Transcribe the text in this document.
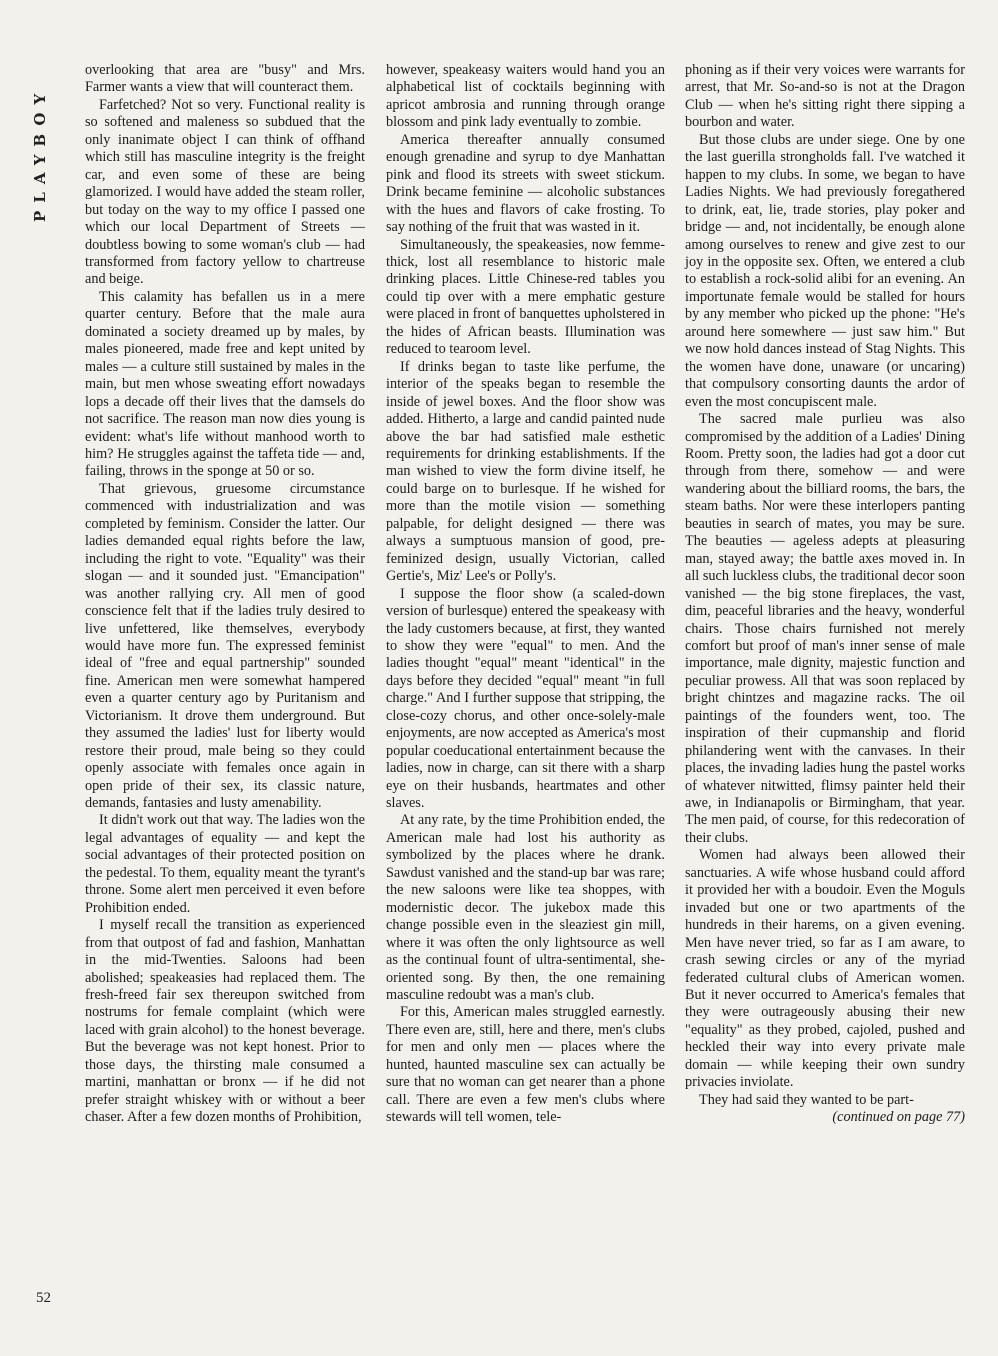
PLAYBOY

overlooking that area are "busy" and Mrs. Farmer wants a view that will counteract them.

Farfetched? Not so very. Functional reality is so softened and maleness so subdued that the only inanimate object I can think of offhand which still has masculine integrity is the freight car, and even some of these are being glamorized. I would have added the steam roller, but today on the way to my office I passed one which our local Department of Streets — doubtless bowing to some woman's club — had transformed from factory yellow to chartreuse and beige.

This calamity has befallen us in a mere quarter century. Before that the male aura dominated a society dreamed up by males, by males pioneered, made free and kept united by males — a culture still sustained by males in the main, but men whose sweating effort nowadays lops a decade off their lives that the damsels do not sacrifice. The reason man now dies young is evident: what's life without manhood worth to him? He struggles against the taffeta tide — and, failing, throws in the sponge at 50 or so.

That grievous, gruesome circumstance commenced with industrialization and was completed by feminism. Consider the latter. Our ladies demanded equal rights before the law, including the right to vote. "Equality" was their slogan — and it sounded just. "Emancipation" was another rallying cry. All men of good conscience felt that if the ladies truly desired to live unfettered, like themselves, everybody would have more fun. The expressed feminist ideal of "free and equal partnership" sounded fine. American men were somewhat hampered even a quarter century ago by Puritanism and Victorianism. It drove them underground. But they assumed the ladies' lust for liberty would restore their proud, male being so they could openly associate with females once again in open pride of their sex, its classic nature, demands, fantasies and lusty amenability.

It didn't work out that way. The ladies won the legal advantages of equality — and kept the social advantages of their protected position on the pedestal. To them, equality meant the tyrant's throne. Some alert men perceived it even before Prohibition ended.

I myself recall the transition as experienced from that outpost of fad and fashion, Manhattan in the mid-Twenties. Saloons had been abolished; speakeasies had replaced them. The fresh-freed fair sex thereupon switched from nostrums for female complaint (which were laced with grain alcohol) to the honest beverage. But the beverage was not kept honest. Prior to those days, the thirsting male consumed a martini, manhattan or bronx — if he did not prefer straight whiskey with or without a beer chaser. After a few dozen months of Prohibition,

however, speakeasy waiters would hand you an alphabetical list of cocktails beginning with apricot ambrosia and running through orange blossom and pink lady eventually to zombie.

America thereafter annually consumed enough grenadine and syrup to dye Manhattan pink and flood its streets with sweet stickum. Drink became feminine — alcoholic substances with the hues and flavors of cake frosting. To say nothing of the fruit that was wasted in it.

Simultaneously, the speakeasies, now femme-thick, lost all resemblance to historic male drinking places. Little Chinese-red tables you could tip over with a mere emphatic gesture were placed in front of banquettes upholstered in the hides of African beasts. Illumination was reduced to tearoom level.

If drinks began to taste like perfume, the interior of the speaks began to resemble the inside of jewel boxes. And the floor show was added. Hitherto, a large and candid painted nude above the bar had satisfied male esthetic requirements for drinking establishments. If the man wished to view the form divine itself, he could barge on to burlesque. If he wished for more than the motile vision — something palpable, for delight designed — there was always a sumptuous mansion of good, pre-feminized design, usually Victorian, called Gertie's, Miz' Lee's or Polly's.

I suppose the floor show (a scaled-down version of burlesque) entered the speakeasy with the lady customers because, at first, they wanted to show they were "equal" to men. And the ladies thought "equal" meant "identical" in the days before they decided "equal" meant "in full charge." And I further suppose that stripping, the close-cozy chorus, and other once-solely-male enjoyments, are now accepted as America's most popular coeducational entertainment because the ladies, now in charge, can sit there with a sharp eye on their husbands, heartmates and other slaves.

At any rate, by the time Prohibition ended, the American male had lost his authority as symbolized by the places where he drank. Sawdust vanished and the stand-up bar was rare; the new saloons were like tea shoppes, with modernistic decor. The jukebox made this change possible even in the sleaziest gin mill, where it was often the only lightsource as well as the continual fount of ultra-sentimental, she-oriented song. By then, the one remaining masculine redoubt was a man's club.

For this, American males struggled earnestly. There even are, still, here and there, men's clubs for men and only men — places where the hunted, haunted masculine sex can actually be sure that no woman can get nearer than a phone call. There are even a few men's clubs where stewards will tell women, tele-

phoning as if their very voices were warrants for arrest, that Mr. So-and-so is not at the Dragon Club — when he's sitting right there sipping a bourbon and water.

But those clubs are under siege. One by one the last guerilla strongholds fall. I've watched it happen to my clubs. In some, we began to have Ladies Nights. We had previously foregathered to drink, eat, lie, trade stories, play poker and bridge — and, not incidentally, be enough alone among ourselves to renew and give zest to our joy in the opposite sex. Often, we entered a club to establish a rock-solid alibi for an evening. An importunate female would be stalled for hours by any member who picked up the phone: "He's around here somewhere — just saw him." But we now hold dances instead of Stag Nights. This the women have done, unaware (or uncaring) that compulsory consorting daunts the ardor of even the most concupiscent male.

The sacred male purlieu was also compromised by the addition of a Ladies' Dining Room. Pretty soon, the ladies had got a door cut through from there, somehow — and were wandering about the billiard rooms, the bars, the steam baths. Nor were these interlopers panting beauties in search of mates, you may be sure. The beauties — ageless adepts at pleasuring man, stayed away; the battle axes moved in. In all such luckless clubs, the traditional decor soon vanished — the big stone fireplaces, the vast, dim, peaceful libraries and the heavy, wonderful chairs. Those chairs furnished not merely comfort but proof of man's inner sense of male importance, male dignity, majestic function and peculiar prowess. All that was soon replaced by bright chintzes and magazine racks. The oil paintings of the founders went, too. The inspiration of their cupmanship and florid philandering went with the canvases. In their places, the invading ladies hung the pastel works of whatever nitwitted, flimsy painter held their awe, in Indianapolis or Birmingham, that year. The men paid, of course, for this redecoration of their clubs.

Women had always been allowed their sanctuaries. A wife whose husband could afford it provided her with a boudoir. Even the Moguls invaded but one or two apartments of the hundreds in their harems, on a given evening. Men have never tried, so far as I am aware, to crash sewing circles or any of the myriad federated cultural clubs of American women. But it never occurred to America's females that they were outrageously abusing their new "equality" as they probed, cajoled, pushed and heckled their way into every private male domain — while keeping their own sundry privacies inviolate.

They had said they wanted to be part-

(continued on page 77)

52
